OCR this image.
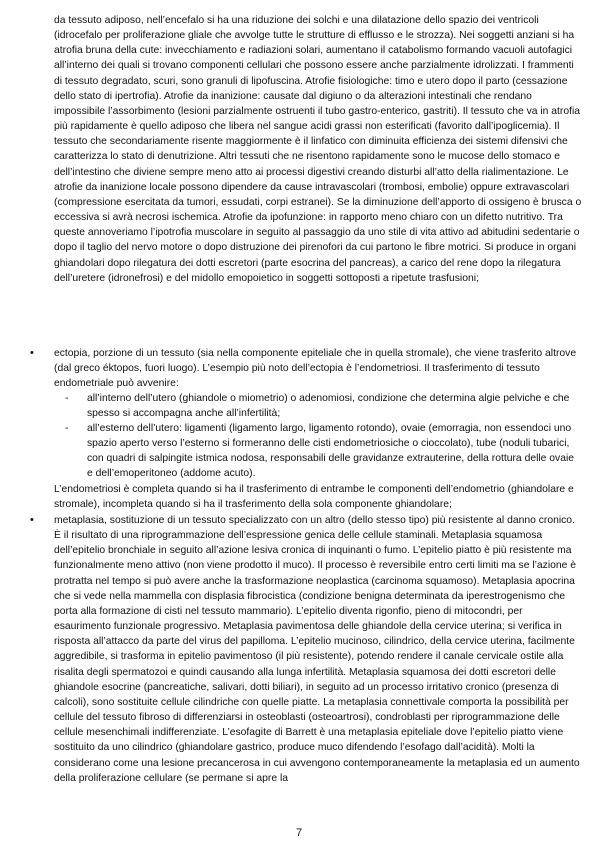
da tessuto adiposo, nell’encefalo si ha una riduzione dei solchi e una dilatazione dello spazio dei ventricoli (idrocefalo per proliferazione gliale che avvolge tutte le strutture di efflusso e le strozza). Nei soggetti anziani si ha atrofia bruna della cute: invecchiamento e radiazioni solari, aumentano il catabolismo formando vacuoli autofagici all’interno dei quali si trovano componenti cellulari che possono essere anche parzialmente idrolizzati. I frammenti di tessuto degradato, scuri, sono granuli di lipofuscina. Atrofie fisiologiche: timo e utero dopo il parto (cessazione dello stato di ipertrofia). Atrofie da inanizione: causate dal digiuno o da alterazioni intestinali che rendano impossibile l’assorbimento (lesioni parzialmente ostruenti il tubo gastro-enterico, gastriti). Il tessuto che va in atrofia più rapidamente è quello adiposo che libera nel sangue acidi grassi non esterificati (favorito dall’ipoglicemia). Il tessuto che secondariamente risente maggiormente è il linfatico con diminuita efficienza dei sistemi difensivi che caratterizza lo stato di denutrizione. Altri tessuti che ne risentono rapidamente sono le mucose dello stomaco e dell’intestino che diviene sempre meno atto ai processi digestivi creando disturbi all’atto della rialimentazione. Le atrofie da inanizione locale possono dipendere da cause intravascolari (trombosi, embolie) oppure extravascolari (compressione esercitata da tumori, essudati, corpi estranei). Se la diminuzione dell’apporto di ossigeno è brusca o eccessiva si avrà necrosi ischemica. Atrofie da ipofunzione: in rapporto meno chiaro con un difetto nutritivo. Tra queste annoveriamo l’ipotrofia muscolare in seguito al passaggio da uno stile di vita attivo ad abitudini sedentarie o dopo il taglio del nervo motore o dopo distruzione dei pirenofori da cui partono le fibre motrici. Si produce in organi ghiandolari dopo rilegatura dei dotti escretori (parte esocrina del pancreas), a carico del rene dopo la rilegatura dell’uretere (idronefrosi) e del midollo emopoietico in soggetti sottoposti a ripetute trasfusioni;
• ectopia, porzione di un tessuto (sia nella componente epiteliale che in quella stromale), che viene trasferito altrove (dal greco éktopos, fuori luogo). L’esempio più noto dell’ectopia è l’endometriosi. Il trasferimento di tessuto endometriale può avvenire:
- all’interno dell’utero (ghiandole o miometrio) o adenomiosi, condizione che determina algie pelviche e che spesso si accompagna anche all’infertilità;
- all’esterno dell’utero: ligamenti (ligamento largo, ligamento rotondo), ovaie (emorragia, non essendoci uno spazio aperto verso l’esterno si formeranno delle cisti endometriosiche o cioccolato), tube (noduli tubarici, con quadri di salpingite istmica nodosa, responsabili delle gravidanze extrauterine, della rottura delle ovaie e dell’emoperitoneo (addome acuto).
L’endometriosi è completa quando si ha il trasferimento di entrambe le componenti dell’endometrio (ghiandolare e stromale), incompleta quando si ha il trasferimento della sola componente ghiandolare;
• metaplasia, sostituzione di un tessuto specializzato con un altro (dello stesso tipo) più resistente al danno cronico. È il risultato di una riprogrammazione dell’espressione genica delle cellule staminali. Metaplasia squamosa dell’epitelio bronchiale in seguito all’azione lesiva cronica di inquinanti o fumo. L’epitelio piatto è più resistente ma funzionalmente meno attivo (non viene prodotto il muco). Il processo è reversibile entro certi limiti ma se l’azione è protratta nel tempo si può avere anche la trasformazione neoplastica (carcinoma squamoso). Metaplasia apocrina che si vede nella mammella con displasia fibrocistica (condizione benigna determinata da iperestrogenismo che porta alla formazione di cisti nel tessuto mammario). L’epitelio diventa rigonfio, pieno di mitocondri, per esaurimento funzionale progressivo. Metaplasia pavimentosa delle ghiandole della cervice uterina; si verifica in risposta all’attacco da parte del virus del papilloma. L’epitelio mucinoso, cilindrico, della cervice uterina, facilmente aggredibile, si trasforma in epitelio pavimentoso (il più resistente), potendo rendere il canale cervicale ostile alla risalita degli spermatozoi e quindi causando alla lunga infertilità. Metaplasia squamosa dei dotti escretori delle ghiandole esocrine (pancreatiche, salivari, dotti biliari), in seguito ad un processo irritativo cronico (presenza di calcoli), sono sostituite cellule cilindriche con quelle piatte. La metaplasia connettivale comporta la possibilità per cellule del tessuto fibroso di differenziarsi in osteoblasti (osteoartrosi), condroblasti per riprogrammazione delle cellule mesenchimali indifferenziate. L’esofagite di Barrett è una metaplasia epiteliale dove l’epitelio piatto viene sostituito da uno cilindrico (ghiandolare gastrico, produce muco difendendo l’esofago dall’acidità). Molti la considerano come una lesione precancerosa in cui avvengono contemporaneamente la metaplasia ed un aumento della proliferazione cellulare (se permane si apre la
7
